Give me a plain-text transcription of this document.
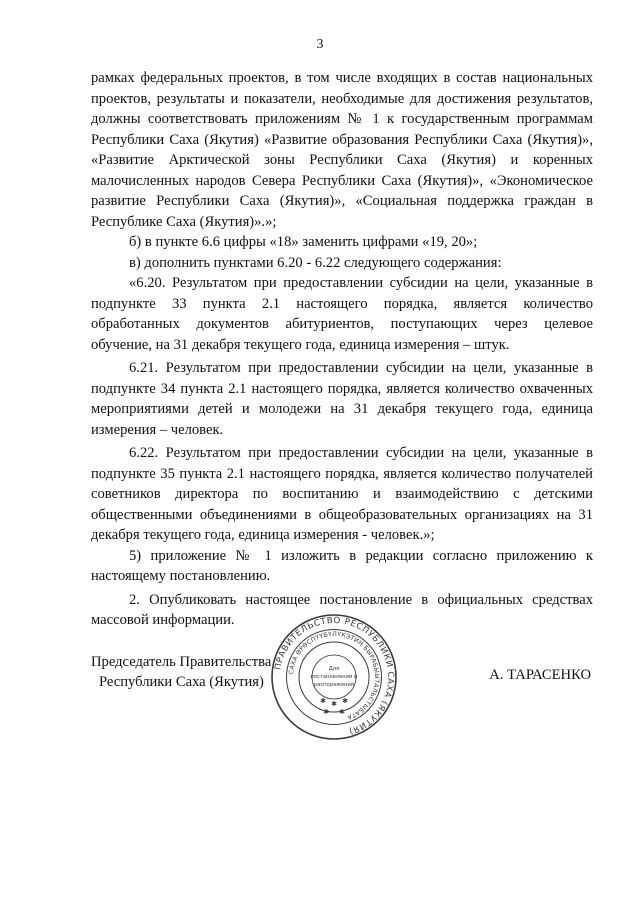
3

рамках федеральных проектов, в том числе входящих в состав национальных проектов, результаты и показатели, необходимые для достижения результатов, должны соответствовать приложениям № 1 к государственным программам Республики Саха (Якутия) «Развитие образования Республики Саха (Якутия)», «Развитие Арктической зоны Республики Саха (Якутия) и коренных малочисленных народов Севера Республики Саха (Якутия)», «Экономическое развитие Республики Саха (Якутия)», «Социальная поддержка граждан в Республике Саха (Якутия)».»;

б) в пункте 6.6 цифры «18» заменить цифрами «19, 20»;

в) дополнить пунктами 6.20 - 6.22 следующего содержания:

«6.20. Результатом при предоставлении субсидии на цели, указанные в подпункте 33 пункта 2.1 настоящего порядка, является количество обработанных документов абитуриентов, поступающих через целевое обучение, на 31 декабря текущего года, единица измерения – штук.

6.21. Результатом при предоставлении субсидии на цели, указанные в подпункте 34 пункта 2.1 настоящего порядка, является количество охваченных мероприятиями детей и молодежи на 31 декабря текущего года, единица измерения – человек.

6.22. Результатом при предоставлении субсидии на цели, указанные в подпункте 35 пункта 2.1 настоящего порядка, является количество получателей советников директора по воспитанию и взаимодействию с детскими общественными объединениями в общеобразовательных организациях на 31 декабря текущего года, единица измерения - человек.»;

5) приложение № 1 изложить в редакции согласно приложению к настоящему постановлению.

2. Опубликовать настоящее постановление в официальных средствах массовой информации.

Председатель Правительства
Республики Саха (Якутия)	А. ТАРАСЕНКО
ПРАВИТЕЛЬСТВО РЕСПУБЛИКИ САХА (ЯКУТИЯ)
САХА ӨРӨСПҮҮБҮЛҮКЭТИН БЫРАБЫЫТАЛЬСТЫБАТА
Для
постановлений и
распоряжений
✱ ✱ ✱
✱ ✱
